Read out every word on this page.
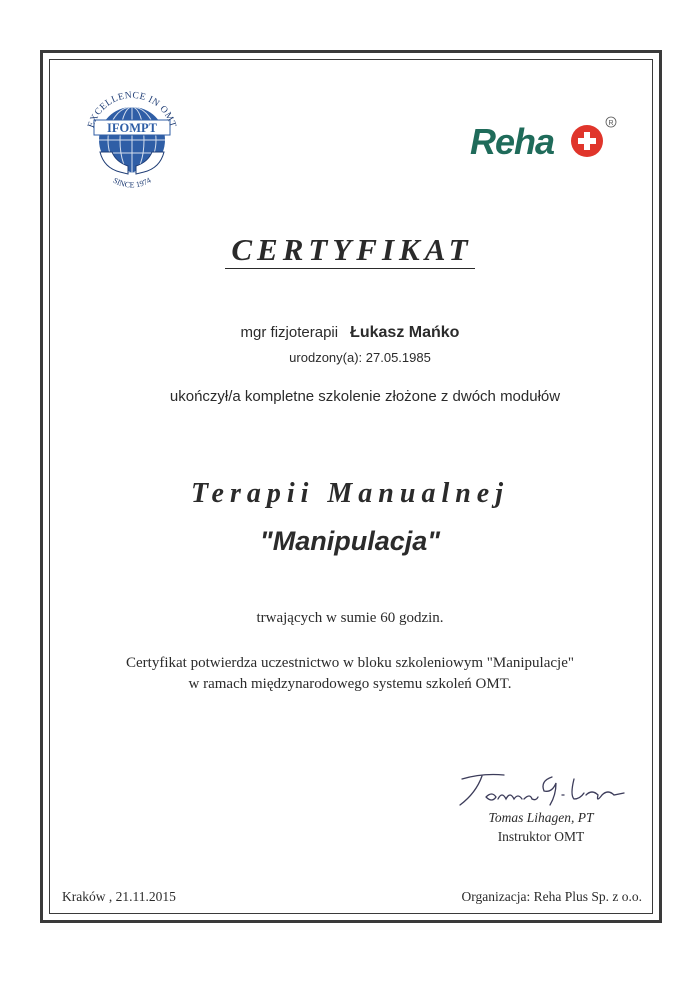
IFOMPT
EXCELLENCE IN OMT
SINCE 1974
Reha	R
CERTYFIKAT
mgr fizjoterapii Łukasz Mańko
urodzony(a): 27.05.1985
ukończył/a kompletne szkolenie złożone z dwóch modułów
Terapii Manualnej
"Manipulacja"
trwających w sumie 60 godzin.
Certyfikat potwierdza uczestnictwo w bloku szkoleniowym "Manipulacje"
w ramach międzynarodowego systemu szkoleń OMT.
Tomas Lihagen, PT
Instruktor OMT
Kraków , 21.11.2015	Organizacja: Reha Plus Sp. z o.o.
